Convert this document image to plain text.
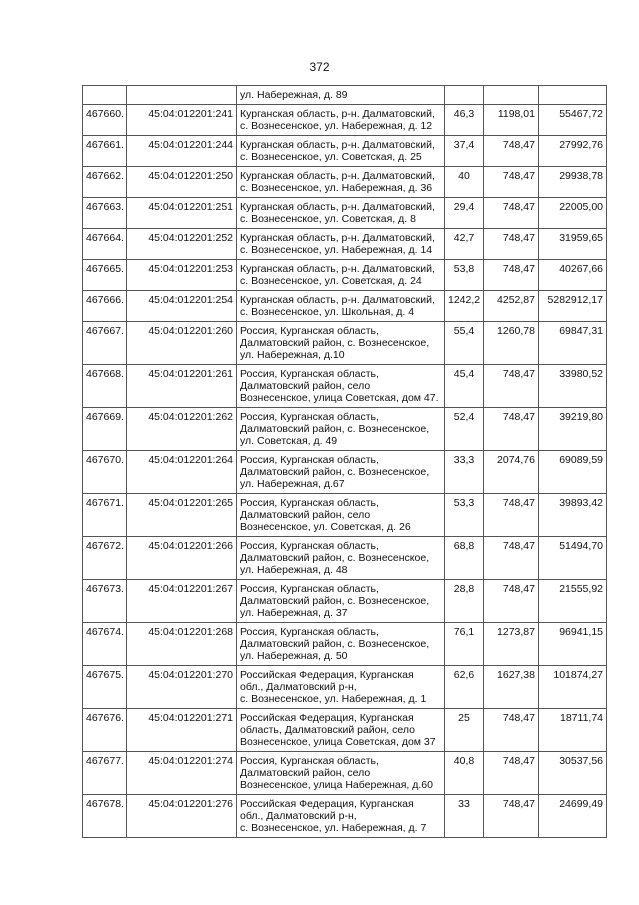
372
		ул. Набережная, д. 89			
467660.	45:04:012201:241	Курганская область, р-н. Далматовский,
с. Вознесенское, ул. Набережная, д. 12	46,3	1198,01	55467,72
467661.	45:04:012201:244	Курганская область, р-н. Далматовский,
с. Вознесенское, ул. Советская, д. 25	37,4	748,47	27992,76
467662.	45:04:012201:250	Курганская область, р-н. Далматовский,
с. Вознесенское, ул. Набережная, д. 36	40	748,47	29938,78
467663.	45:04:012201:251	Курганская область, р-н. Далматовский,
с. Вознесенское, ул. Советская, д. 8	29,4	748,47	22005,00
467664.	45:04:012201:252	Курганская область, р-н. Далматовский,
с. Вознесенское, ул. Набережная, д. 14	42,7	748,47	31959,65
467665.	45:04:012201:253	Курганская область, р-н. Далматовский,
с. Вознесенское, ул. Советская, д. 24	53,8	748,47	40267,66
467666.	45:04:012201:254	Курганская область, р-н. Далматовский,
с. Вознесенское, ул. Школьная, д. 4	1242,2	4252,87	5282912,17
467667.	45:04:012201:260	Россия, Курганская область,
Далматовский район, с. Вознесенское,
ул. Набережная, д.10	55,4	1260,78	69847,31
467668.	45:04:012201:261	Россия, Курганская область,
Далматовский район, село
Вознесенское, улица Советская, дом 47.	45,4	748,47	33980,52
467669.	45:04:012201:262	Россия, Курганская область,
Далматовский район, с. Вознесенское,
ул. Советская, д. 49	52,4	748,47	39219,80
467670.	45:04:012201:264	Россия, Курганская область,
Далматовский район, с. Вознесенское,
ул. Набережная, д.67	33,3	2074,76	69089,59
467671.	45:04:012201:265	Россия, Курганская область,
Далматовский район, село
Вознесенское, ул. Советская, д. 26	53,3	748,47	39893,42
467672.	45:04:012201:266	Россия, Курганская область,
Далматовский район, с. Вознесенское,
ул. Набережная, д. 48	68,8	748,47	51494,70
467673.	45:04:012201:267	Россия, Курганская область,
Далматовский район, с. Вознесенское,
ул. Набережная, д. 37	28,8	748,47	21555,92
467674.	45:04:012201:268	Россия, Курганская область,
Далматовский район, с. Вознесенское,
ул. Набережная, д. 50	76,1	1273,87	96941,15
467675.	45:04:012201:270	Российская Федерация, Курганская
обл., Далматовский р-н,
с. Вознесенское, ул. Набережная, д. 1	62,6	1627,38	101874,27
467676.	45:04:012201:271	Российская Федерация, Курганская
область, Далматовский район, село
Вознесенское, улица Советская, дом 37	25	748,47	18711,74
467677.	45:04:012201:274	Россия, Курганская область,
Далматовский район, село
Вознесенское, улица Набережная, д.60	40,8	748,47	30537,56
467678.	45:04:012201:276	Российская Федерация, Курганская
обл., Далматовский р-н,
с. Вознесенское, ул. Набережная, д. 7	33	748,47	24699,49
